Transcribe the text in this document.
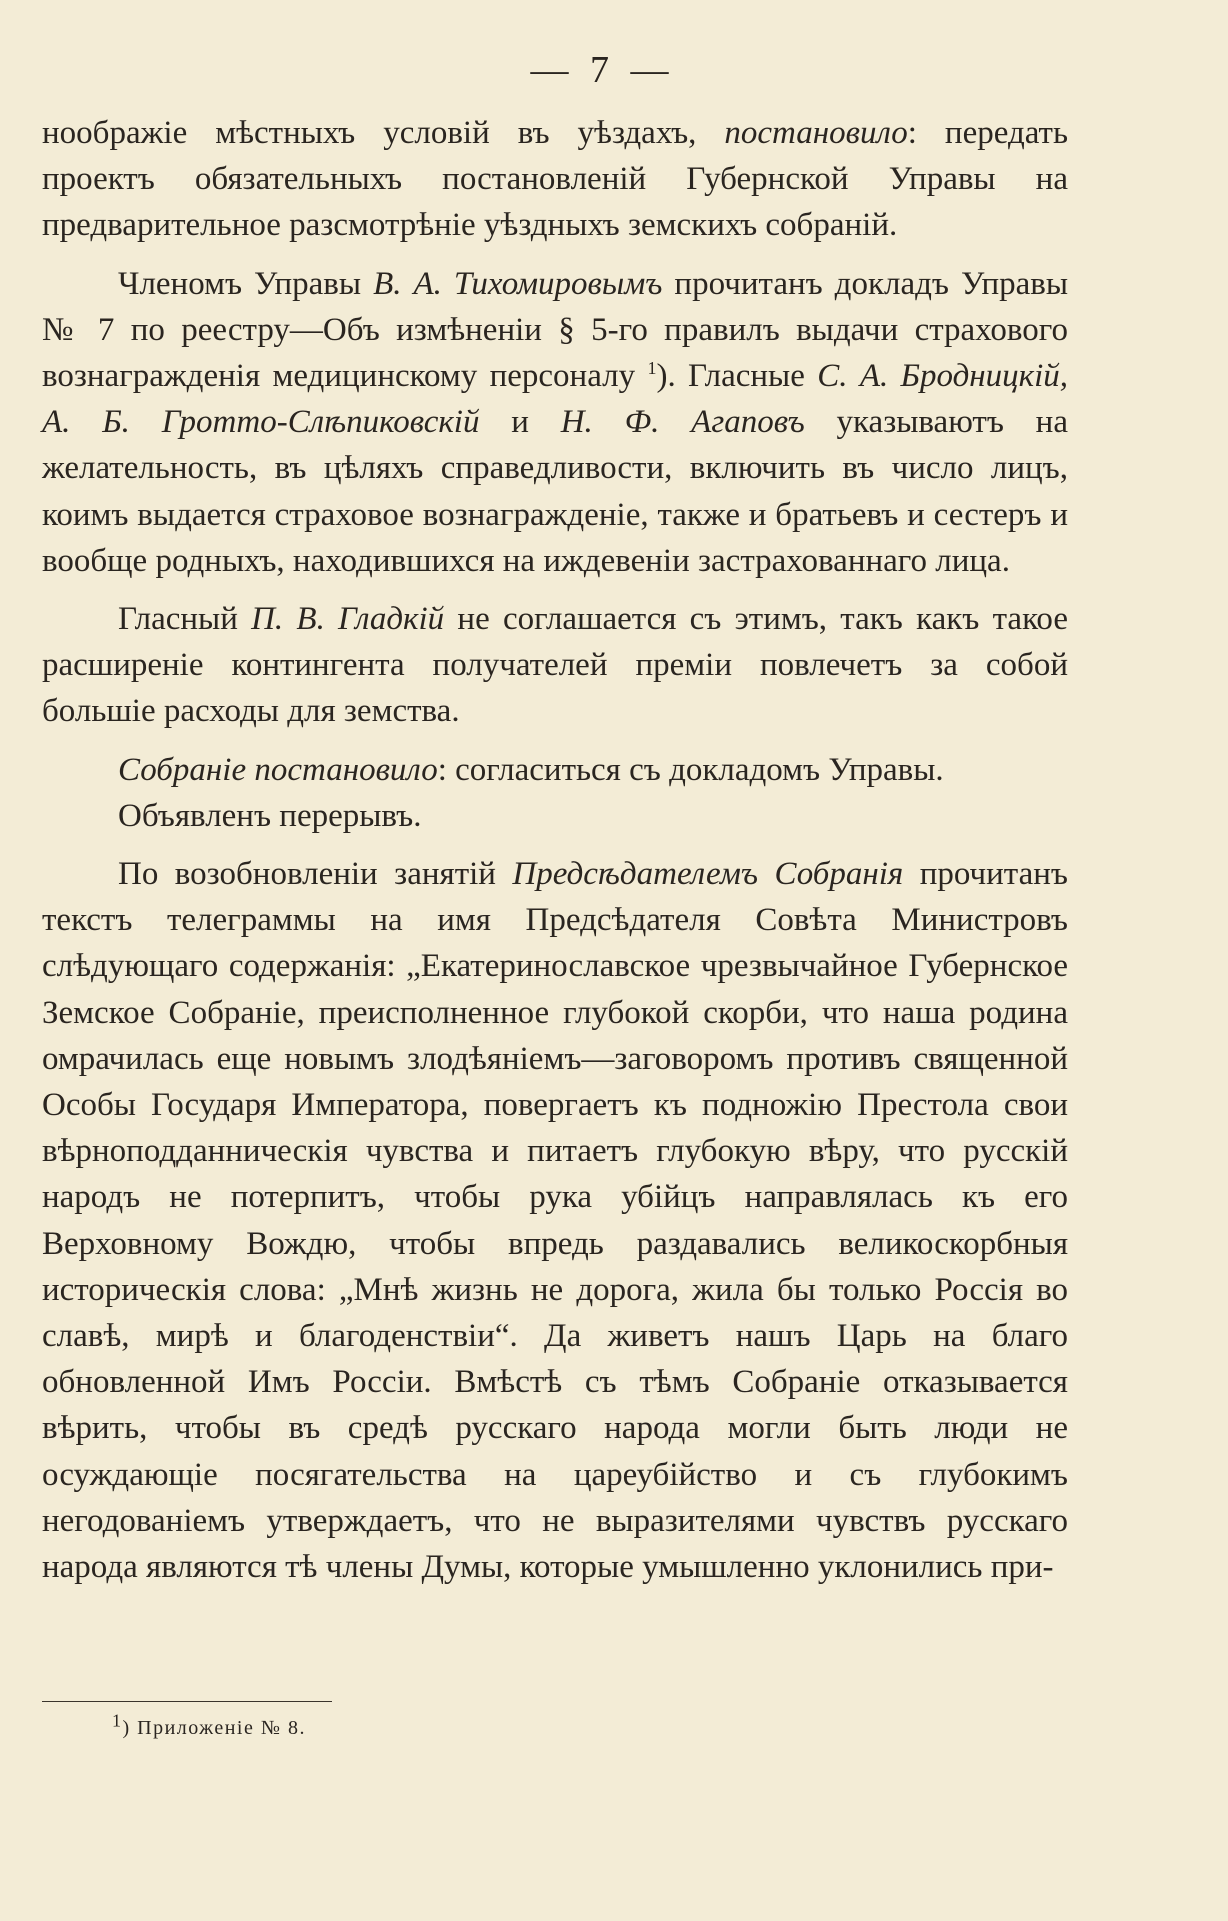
— 7 —

ноображіе мѣстныхъ условій въ уѣздахъ, постановило: передать проектъ обязательныхъ постановленій Губернской Управы на предварительное разсмотрѣніе уѣздныхъ земскихъ собраній.

Членомъ Управы В. А. Тихомировымъ прочитанъ докладъ Управы № 7 по реестру—Объ измѣненіи § 5-го правилъ выдачи страхового вознагражденія медицинскому персоналу $^1$). Гласные С. А. Бродницкій, А. Б. Гротто-Слѣпиковскій и Н. Ф. Агаповъ указываютъ на желательность, въ цѣляхъ справедливости, включить въ число лицъ, коимъ выдается страховое вознагражденіе, также и братьевъ и сестеръ и вообще родныхъ, находившихся на иждевеніи застрахованнаго лица.

Гласный П. В. Гладкій не соглашается съ этимъ, такъ какъ такое расширеніе контингента получателей преміи повлечетъ за собой большіе расходы для земства.

Собраніе постановило: согласиться съ докладомъ Управы.

Объявленъ перерывъ.

По возобновленіи занятій Предсѣдателемъ Собранія прочитанъ текстъ телеграммы на имя Предсѣдателя Совѣта Министровъ слѣдующаго содержанія: „Екатеринославское чрезвычайное Губернское Земское Собраніе, преисполненное глубокой скорби, что наша родина омрачилась еще новымъ злодѣяніемъ—заговоромъ противъ священной Особы Государя Императора, повергаетъ къ подножію Престола свои вѣрноподданническія чувства и питаетъ глубокую вѣру, что русскій народъ не потерпитъ, чтобы рука убійцъ направлялась къ его Верховному Вождю, чтобы впредь раздавались великоскорбныя историческія слова: „Мнѣ жизнь не дорога, жила бы только Россія во славѣ, мирѣ и благоденствіи“. Да живетъ нашъ Царь на благо обновленной Имъ Россіи. Вмѣстѣ съ тѣмъ Собраніе отказывается вѣрить, чтобы въ средѣ русскаго народа могли быть люди не осуждающіе посягательства на цареубійство и съ глубокимъ негодованіемъ утверждаетъ, что не выразителями чувствъ русскаго народа являются тѣ члены Думы, которые умышленно уклонились при-

$^1$) Приложеніе № 8.
